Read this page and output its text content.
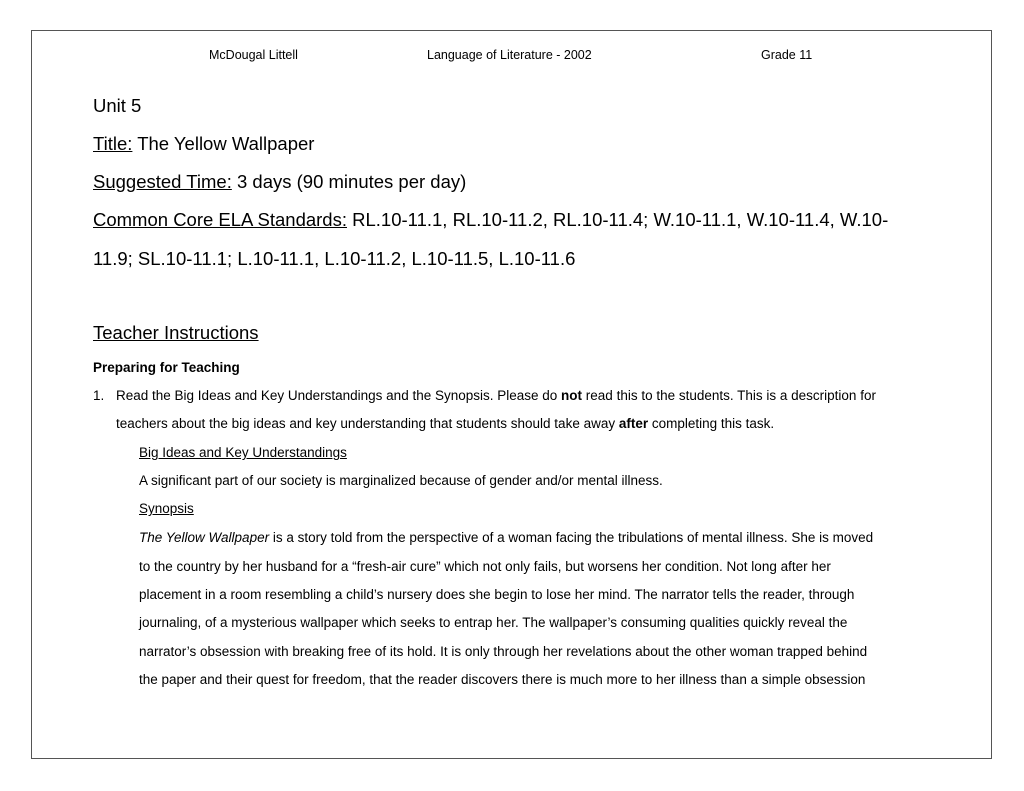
McDougal Littell	Language of Literature - 2002	Grade 11
Unit 5
Title: The Yellow Wallpaper
Suggested Time: 3 days (90 minutes per day)
Common Core ELA Standards: RL.10-11.1, RL.10-11.2, RL.10-11.4; W.10-11.1, W.10-11.4, W.10-
11.9; SL.10-11.1; L.10-11.1, L.10-11.2, L.10-11.5, L.10-11.6
Teacher Instructions
Preparing for Teaching
1. Read the Big Ideas and Key Understandings and the Synopsis. Please do not read this to the students. This is a description for
teachers about the big ideas and key understanding that students should take away after completing this task.
Big Ideas and Key Understandings
A significant part of our society is marginalized because of gender and/or mental illness.
Synopsis
The Yellow Wallpaper is a story told from the perspective of a woman facing the tribulations of mental illness. She is moved
to the country by her husband for a “fresh-air cure” which not only fails, but worsens her condition. Not long after her
placement in a room resembling a child’s nursery does she begin to lose her mind. The narrator tells the reader, through
journaling, of a mysterious wallpaper which seeks to entrap her. The wallpaper’s consuming qualities quickly reveal the
narrator’s obsession with breaking free of its hold. It is only through her revelations about the other woman trapped behind
the paper and their quest for freedom, that the reader discovers there is much more to her illness than a simple obsession
